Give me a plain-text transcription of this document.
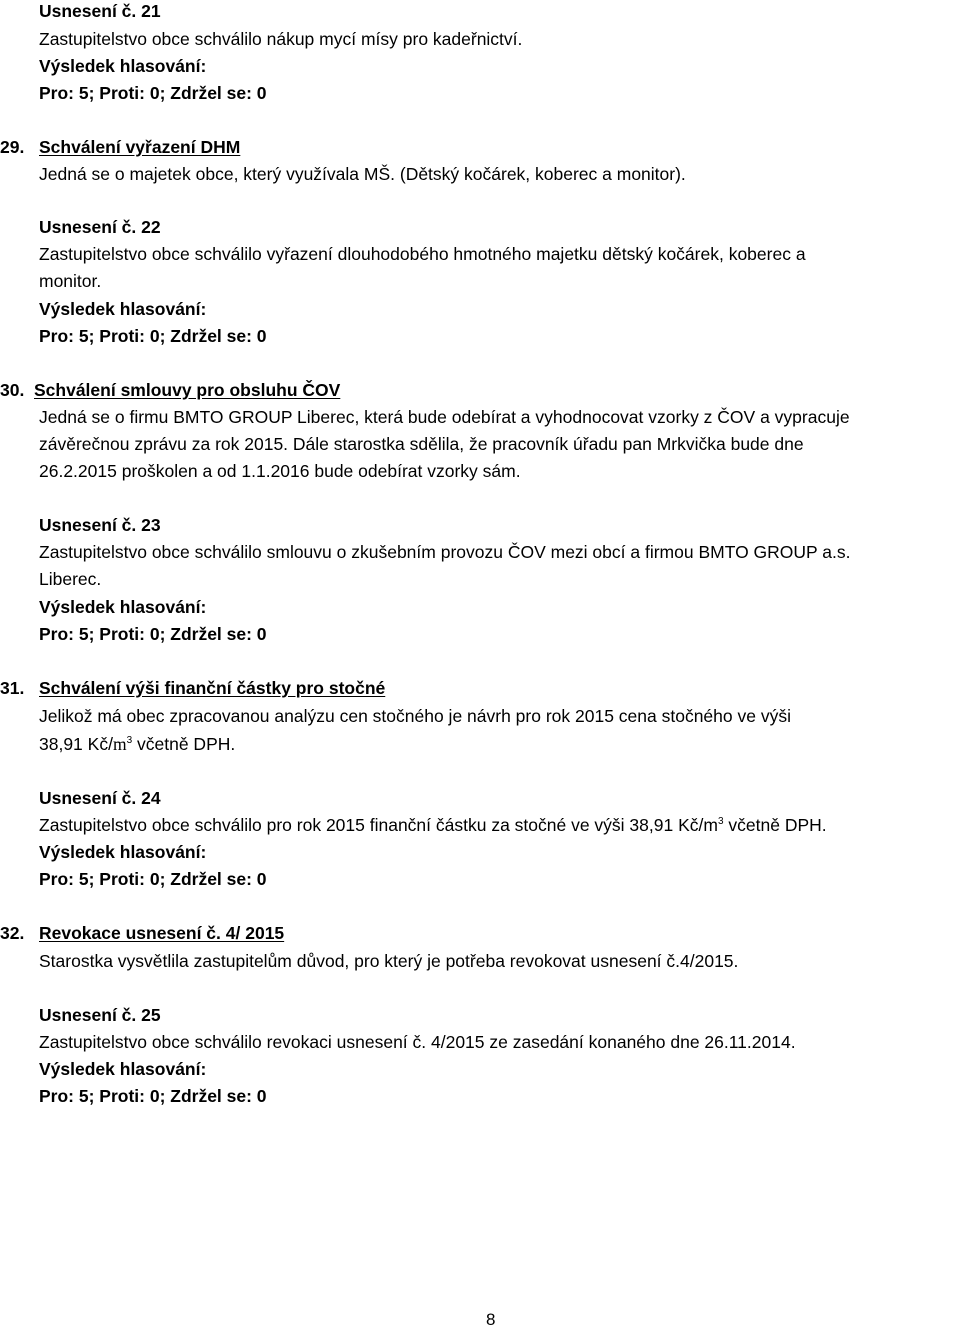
Usnesení č. 21
Zastupitelstvo obce schválilo nákup mycí mísy pro kadeřnictví.
Výsledek hlasování:
Pro: 5; Proti: 0; Zdržel se: 0
29. Schválení vyřazení DHM
Jedná se o majetek obce, který využívala MŠ. (Dětský kočárek, koberec a monitor).
Usnesení č. 22
Zastupitelstvo obce schválilo vyřazení dlouhodobého hmotného majetku dětský kočárek, koberec a
monitor.
Výsledek hlasování:
Pro: 5; Proti: 0; Zdržel se: 0
30. Schválení smlouvy pro obsluhu ČOV
Jedná se o firmu BMTO GROUP Liberec, která bude odebírat a vyhodnocovat vzorky z ČOV a vypracuje
závěrečnou zprávu za rok 2015. Dále starostka sdělila, že pracovník úřadu pan Mrkvička bude dne
26.2.2015 proškolen a od 1.1.2016 bude odebírat vzorky sám.
Usnesení č. 23
Zastupitelstvo obce schválilo smlouvu o zkušebním provozu ČOV mezi obcí a firmou BMTO GROUP a.s.
Liberec.
Výsledek hlasování:
Pro: 5; Proti: 0; Zdržel se: 0
31. Schválení výši finanční částky pro stočné
Jelikož má obec zpracovanou analýzu cen stočného je návrh pro rok 2015 cena stočného ve výši
38,91 $Kč/m^3$ včetně DPH.
Usnesení č. 24
Zastupitelstvo obce schválilo pro rok 2015 finanční částku za stočné ve výši 38,91 $Kč/m^3$ včetně DPH.
Výsledek hlasování:
Pro: 5; Proti: 0; Zdržel se: 0
32. Revokace usnesení č. 4/ 2015
Starostka vysvětlila zastupitelům důvod, pro který je potřeba revokovat usnesení č.4/2015.
Usnesení č. 25
Zastupitelstvo obce schválilo revokaci usnesení č. 4/2015 ze zasedání konaného dne 26.11.2014.
Výsledek hlasování:
Pro: 5; Proti: 0; Zdržel se: 0
8
